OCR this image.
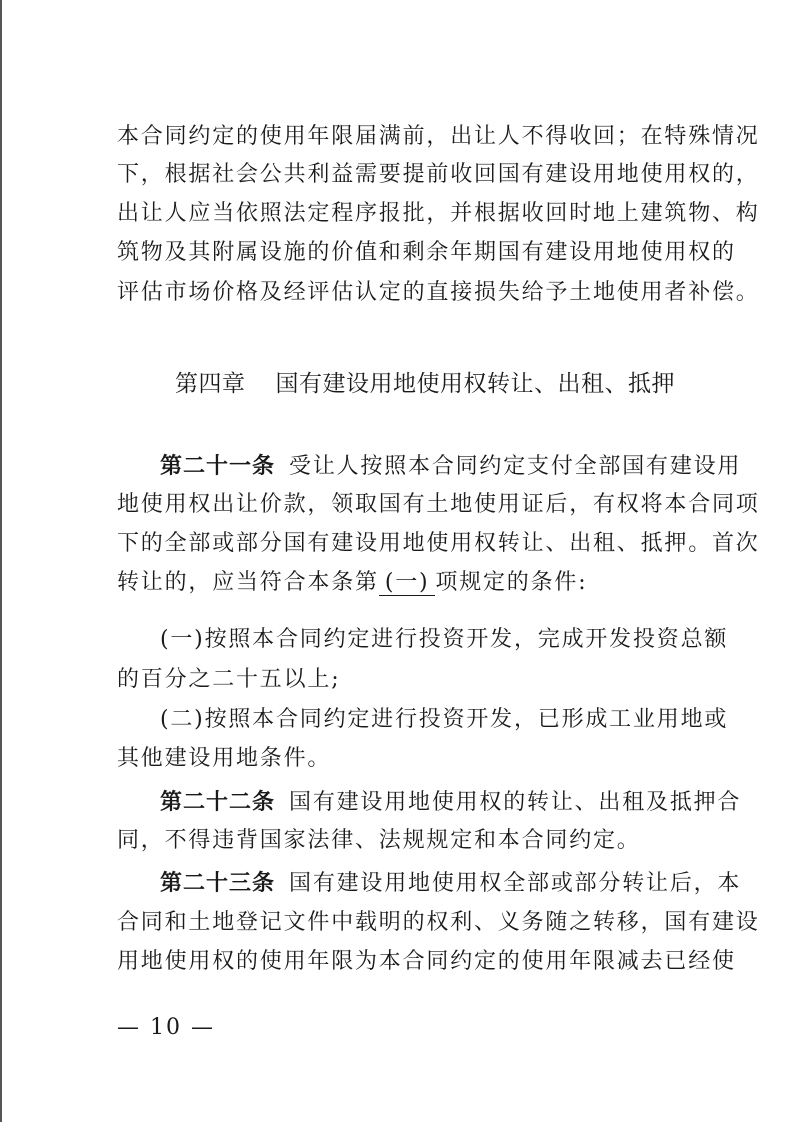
本合同约定的使用年限届满前，出让人不得收回；在特殊情况
下，根据社会公共利益需要提前收回国有建设用地使用权的，
出让人应当依照法定程序报批，并根据收回时地上建筑物、构
筑物及其附属设施的价值和剩余年期国有建设用地使用权的
评估市场价格及经评估认定的直接损失给予土地使用者补偿。
第四章 国有建设用地使用权转让、出租、抵押
第二十一条 受让人按照本合同约定支付全部国有建设用
地使用权出让价款，领取国有土地使用证后，有权将本合同项
下的全部或部分国有建设用地使用权转让、出租、抵押。首次
转让的，应当符合本条第 (一) 项规定的条件:
(一)按照本合同约定进行投资开发，完成开发投资总额
的百分之二十五以上;
(二)按照本合同约定进行投资开发，已形成工业用地或
其他建设用地条件。
第二十二条 国有建设用地使用权的转让、出租及抵押合
同，不得违背国家法律、法规规定和本合同约定。
第二十三条 国有建设用地使用权全部或部分转让后，本
合同和土地登记文件中载明的权利、义务随之转移，国有建设
用地使用权的使用年限为本合同约定的使用年限减去已经使
— 10 —
